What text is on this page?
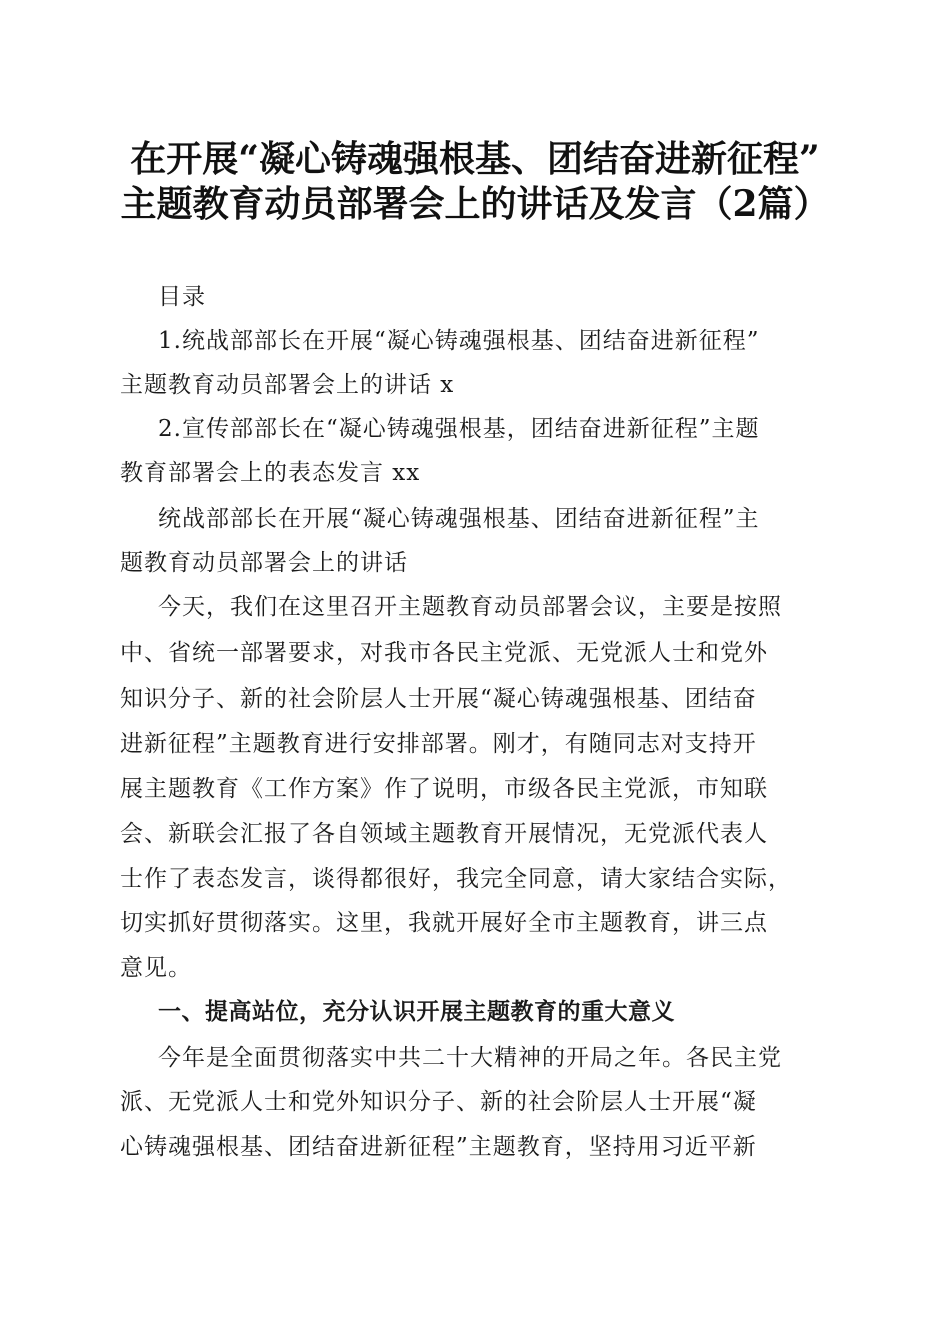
在开展“凝心铸魂强根基、团结奋进新征程”
主题教育动员部署会上的讲话及发言（2篇）
目录
1.统战部部长在开展“凝心铸魂强根基、团结奋进新征程”
主题教育动员部署会上的讲话 x
2.宣传部部长在“凝心铸魂强根基，团结奋进新征程”主题
教育部署会上的表态发言 xx
统战部部长在开展“凝心铸魂强根基、团结奋进新征程”主
题教育动员部署会上的讲话
今天，我们在这里召开主题教育动员部署会议，主要是按照
中、省统一部署要求，对我市各民主党派、无党派人士和党外
知识分子、新的社会阶层人士开展“凝心铸魂强根基、团结奋
进新征程”主题教育进行安排部署。刚才，有随同志对支持开
展主题教育《工作方案》作了说明，市级各民主党派，市知联
会、新联会汇报了各自领域主题教育开展情况，无党派代表人
士作了表态发言，谈得都很好，我完全同意，请大家结合实际，
切实抓好贯彻落实。这里，我就开展好全市主题教育，讲三点
意见。
一、提高站位，充分认识开展主题教育的重大意义
今年是全面贯彻落实中共二十大精神的开局之年。各民主党
派、无党派人士和党外知识分子、新的社会阶层人士开展“凝
心铸魂强根基、团结奋进新征程”主题教育，坚持用习近平新
